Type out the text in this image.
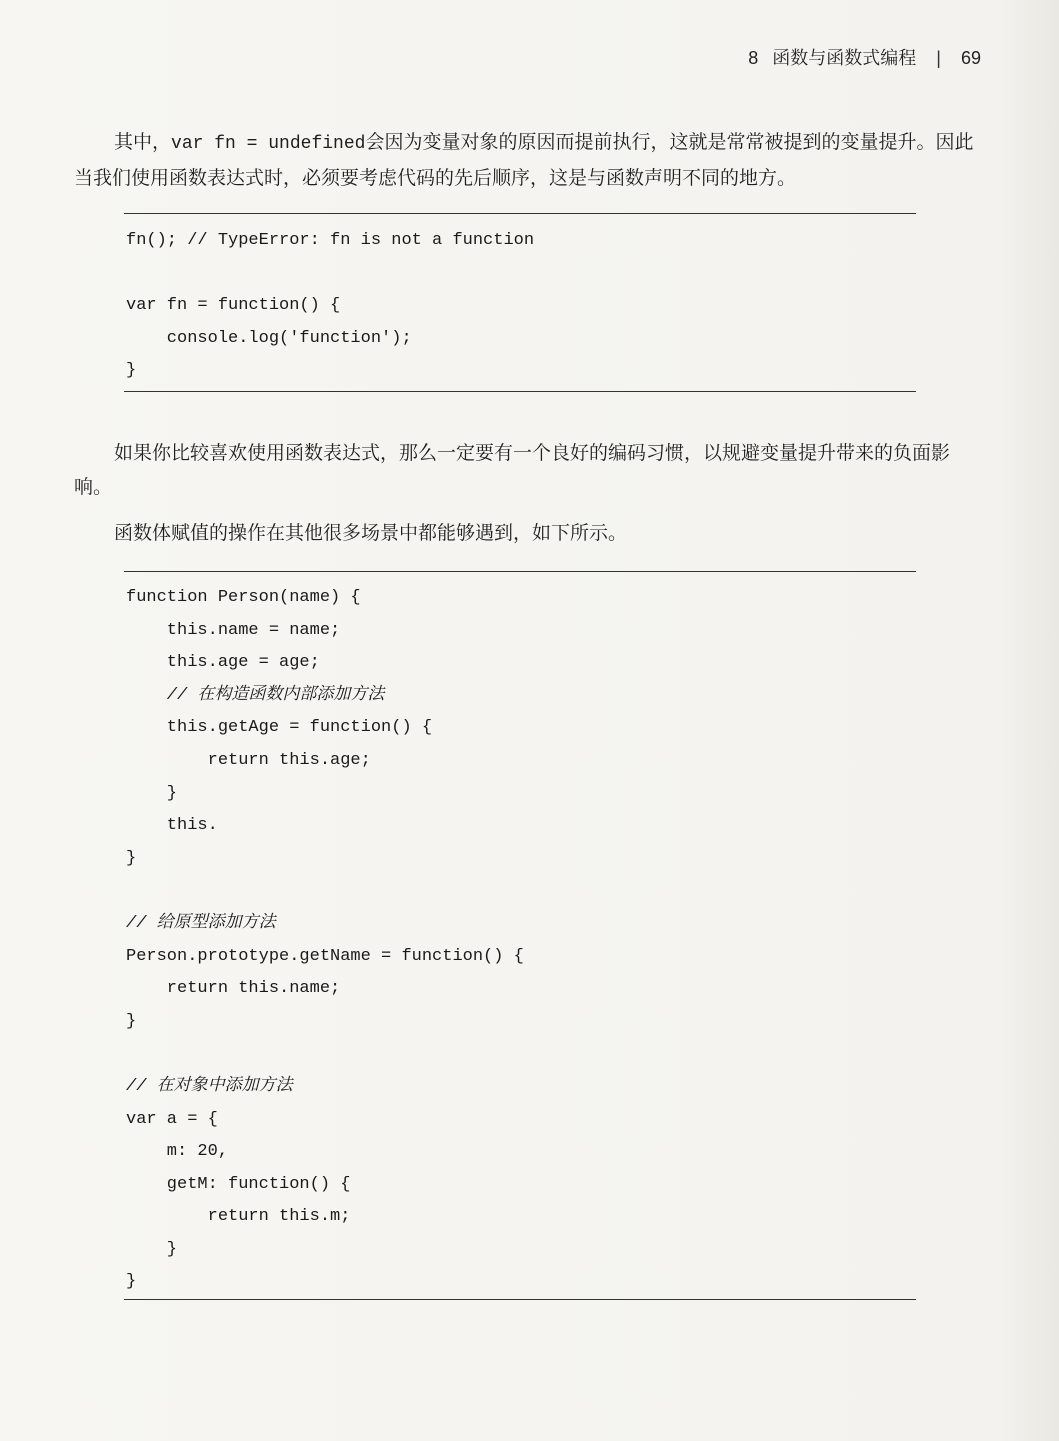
8 函数与函数式编程 | 69

其中，var fn = undefined会因为变量对象的原因而提前执行，这就是常常被提到的变量提升。因此当我们使用函数表达式时，必须要考虑代码的先后顺序，这是与函数声明不同的地方。

fn(); // TypeError: fn is not a function
var fn = function() {
console.log('function');
}

如果你比较喜欢使用函数表达式，那么一定要有一个良好的编码习惯，以规避变量提升带来的负面影响。

函数体赋值的操作在其他很多场景中都能够遇到，如下所示。

function Person(name) {
this.name = name;
this.age = age;
// 在构造函数内部添加方法
this.getAge = function() {
return this.age;
}
this.
}
// 给原型添加方法
Person.prototype.getName = function() {
return this.name;
}
// 在对象中添加方法
var a = {
m: 20,
getM: function() {
return this.m;
}
}
